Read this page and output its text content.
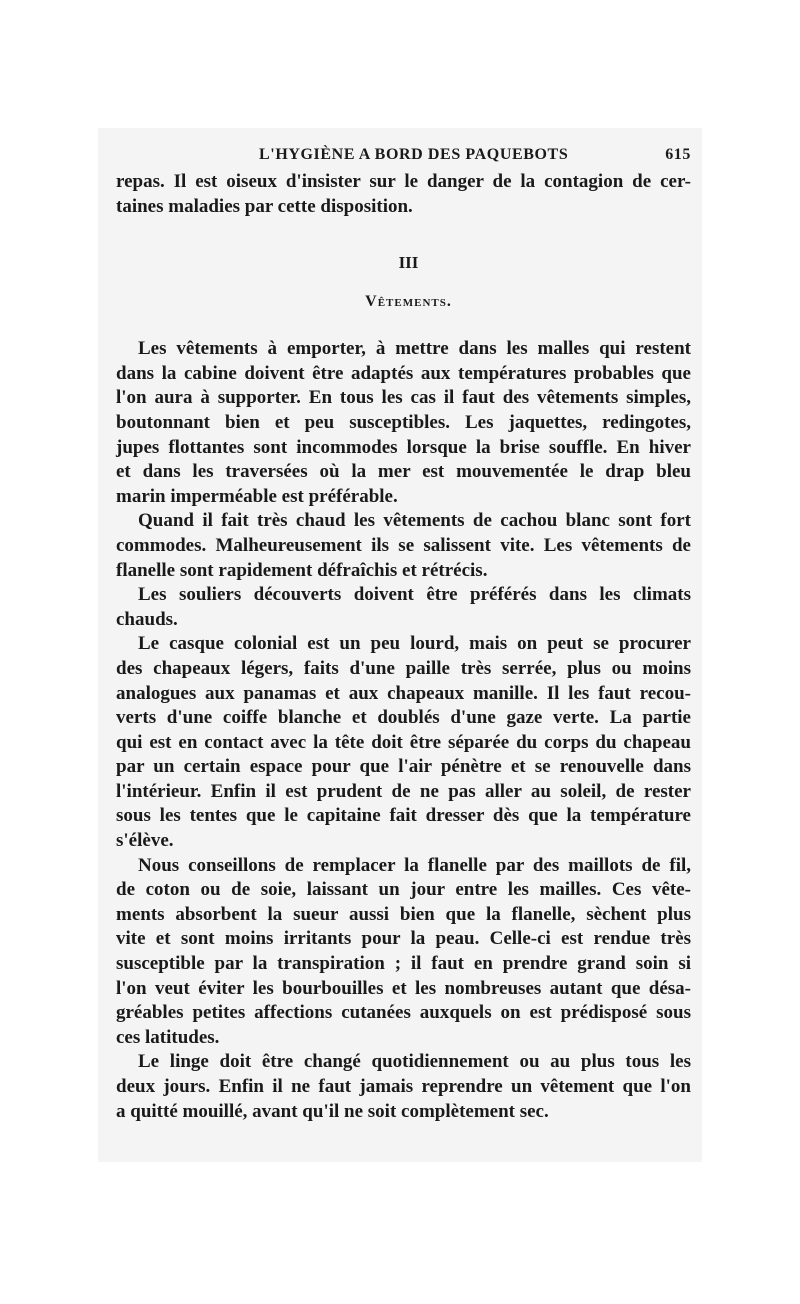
L'HYGIÈNE A BORD DES PAQUEBOTS	615
repas. Il est oiseux d'insister sur le danger de la contagion de cer-
taines maladies par cette disposition.
III
Vêtements.
Les vêtements à emporter, à mettre dans les malles qui restent
dans la cabine doivent être adaptés aux températures probables que
l'on aura à supporter. En tous les cas il faut des vêtements simples,
boutonnant bien et peu susceptibles. Les jaquettes, redingotes,
jupes flottantes sont incommodes lorsque la brise souffle. En hiver
et dans les traversées où la mer est mouvementée le drap bleu
marin imperméable est préférable.
Quand il fait très chaud les vêtements de cachou blanc sont fort
commodes. Malheureusement ils se salissent vite. Les vêtements de
flanelle sont rapidement défraîchis et rétrécis.
Les souliers découverts doivent être préférés dans les climats
chauds.
Le casque colonial est un peu lourd, mais on peut se procurer
des chapeaux légers, faits d'une paille très serrée, plus ou moins
analogues aux panamas et aux chapeaux manille. Il les faut recou-
verts d'une coiffe blanche et doublés d'une gaze verte. La partie
qui est en contact avec la tête doit être séparée du corps du chapeau
par un certain espace pour que l'air pénètre et se renouvelle dans
l'intérieur. Enfin il est prudent de ne pas aller au soleil, de rester
sous les tentes que le capitaine fait dresser dès que la température
s'élève.
Nous conseillons de remplacer la flanelle par des maillots de fil,
de coton ou de soie, laissant un jour entre les mailles. Ces vête-
ments absorbent la sueur aussi bien que la flanelle, sèchent plus
vite et sont moins irritants pour la peau. Celle-ci est rendue très
susceptible par la transpiration ; il faut en prendre grand soin si
l'on veut éviter les bourbouilles et les nombreuses autant que désa-
gréables petites affections cutanées auxquels on est prédisposé sous
ces latitudes.
Le linge doit être changé quotidiennement ou au plus tous les
deux jours. Enfin il ne faut jamais reprendre un vêtement que l'on
a quitté mouillé, avant qu'il ne soit complètement sec.
